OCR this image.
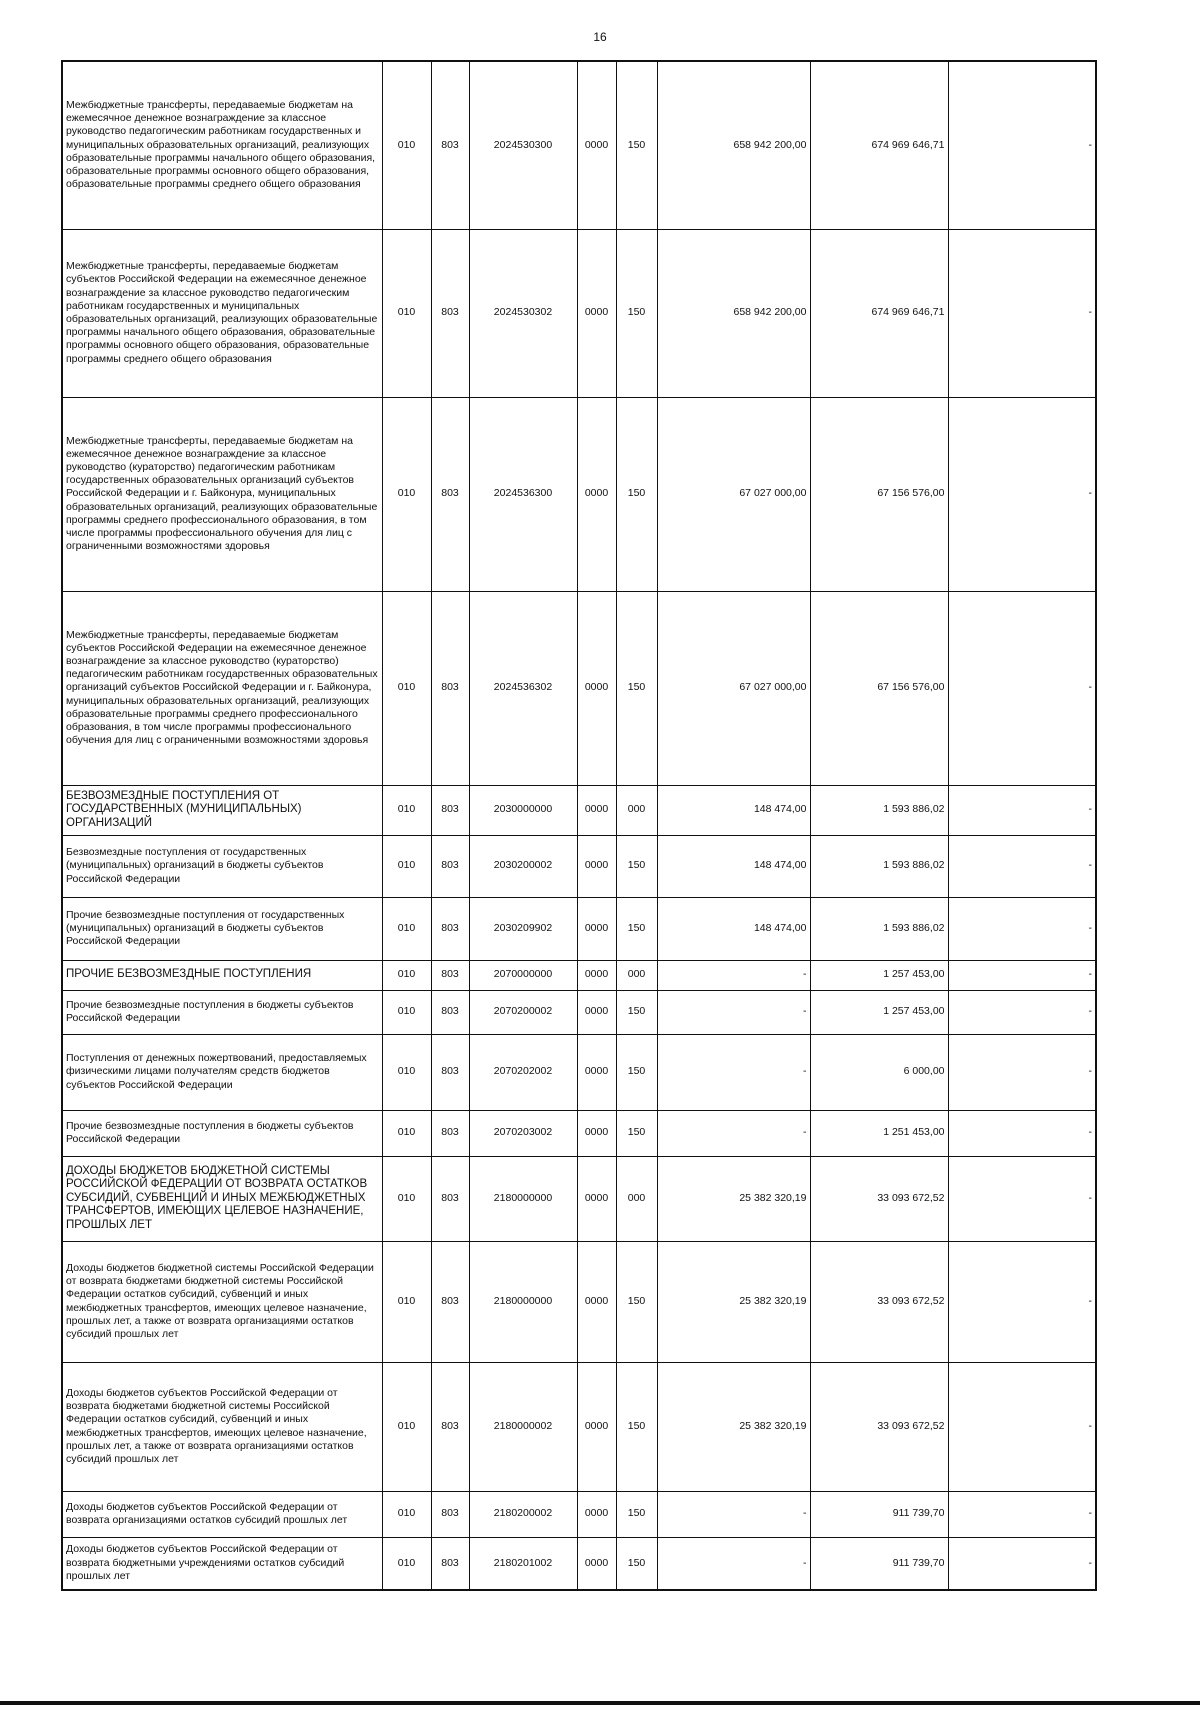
16
Межбюджетные трансферты, передаваемые бюджетам на ежемесячное денежное вознаграждение за классное руководство педагогическим работникам государственных и муниципальных образовательных организаций, реализующих образовательные программы начального общего образования, образовательные программы основного общего образования, образовательные программы среднего общего образования	010	803	2024530300	0000	150	658 942 200,00	674 969 646,71	-
Межбюджетные трансферты, передаваемые бюджетам субъектов Российской Федерации на ежемесячное денежное вознаграждение за классное руководство педагогическим работникам государственных и муниципальных образовательных организаций, реализующих образовательные программы начального общего образования, образовательные программы основного общего образования, образовательные программы среднего общего образования	010	803	2024530302	0000	150	658 942 200,00	674 969 646,71	-
Межбюджетные трансферты, передаваемые бюджетам на ежемесячное денежное вознаграждение за классное руководство (кураторство) педагогическим работникам государственных образовательных организаций субъектов Российской Федерации и г. Байконура, муниципальных образовательных организаций, реализующих образовательные программы среднего профессионального образования, в том числе программы профессионального обучения для лиц с ограниченными возможностями здоровья	010	803	2024536300	0000	150	67 027 000,00	67 156 576,00	-
Межбюджетные трансферты, передаваемые бюджетам субъектов Российской Федерации на ежемесячное денежное вознаграждение за классное руководство (кураторство) педагогическим работникам государственных образовательных организаций субъектов Российской Федерации и г. Байконура, муниципальных образовательных организаций, реализующих образовательные программы среднего профессионального образования, в том числе программы профессионального обучения для лиц с ограниченными возможностями здоровья	010	803	2024536302	0000	150	67 027 000,00	67 156 576,00	-
БЕЗВОЗМЕЗДНЫЕ ПОСТУПЛЕНИЯ ОТ ГОСУДАРСТВЕННЫХ (МУНИЦИПАЛЬНЫХ) ОРГАНИЗАЦИЙ	010	803	2030000000	0000	000	148 474,00	1 593 886,02	-
Безвозмездные поступления от государственных (муниципальных) организаций в бюджеты субъектов Российской Федерации	010	803	2030200002	0000	150	148 474,00	1 593 886,02	-
Прочие безвозмездные поступления от государственных (муниципальных) организаций в бюджеты субъектов Российской Федерации	010	803	2030209902	0000	150	148 474,00	1 593 886,02	-
ПРОЧИЕ БЕЗВОЗМЕЗДНЫЕ ПОСТУПЛЕНИЯ	010	803	2070000000	0000	000	-	1 257 453,00	-
Прочие безвозмездные поступления в бюджеты субъектов Российской Федерации	010	803	2070200002	0000	150	-	1 257 453,00	-
Поступления от денежных пожертвований, предоставляемых физическими лицами получателям средств бюджетов субъектов Российской Федерации	010	803	2070202002	0000	150	-	6 000,00	-
Прочие безвозмездные поступления в бюджеты субъектов Российской Федерации	010	803	2070203002	0000	150	-	1 251 453,00	-
ДОХОДЫ БЮДЖЕТОВ БЮДЖЕТНОЙ СИСТЕМЫ РОССИЙСКОЙ ФЕДЕРАЦИИ ОТ ВОЗВРАТА ОСТАТКОВ СУБСИДИЙ, СУБВЕНЦИЙ И ИНЫХ МЕЖБЮДЖЕТНЫХ ТРАНСФЕРТОВ, ИМЕЮЩИХ ЦЕЛЕВОЕ НАЗНАЧЕНИЕ, ПРОШЛЫХ ЛЕТ	010	803	2180000000	0000	000	25 382 320,19	33 093 672,52	-
Доходы бюджетов бюджетной системы Российской Федерации от возврата бюджетами бюджетной системы Российской Федерации остатков субсидий, субвенций и иных межбюджетных трансфертов, имеющих целевое назначение, прошлых лет, а также от возврата организациями остатков субсидий прошлых лет	010	803	2180000000	0000	150	25 382 320,19	33 093 672,52	-
Доходы бюджетов субъектов Российской Федерации от возврата бюджетами бюджетной системы Российской Федерации остатков субсидий, субвенций и иных межбюджетных трансфертов, имеющих целевое назначение, прошлых лет, а также от возврата организациями остатков субсидий прошлых лет	010	803	2180000002	0000	150	25 382 320,19	33 093 672,52	-
Доходы бюджетов субъектов Российской Федерации от возврата организациями остатков субсидий прошлых лет	010	803	2180200002	0000	150	-	911 739,70	-
Доходы бюджетов субъектов Российской Федерации от возврата бюджетными учреждениями остатков субсидий прошлых лет	010	803	2180201002	0000	150	-	911 739,70	-
